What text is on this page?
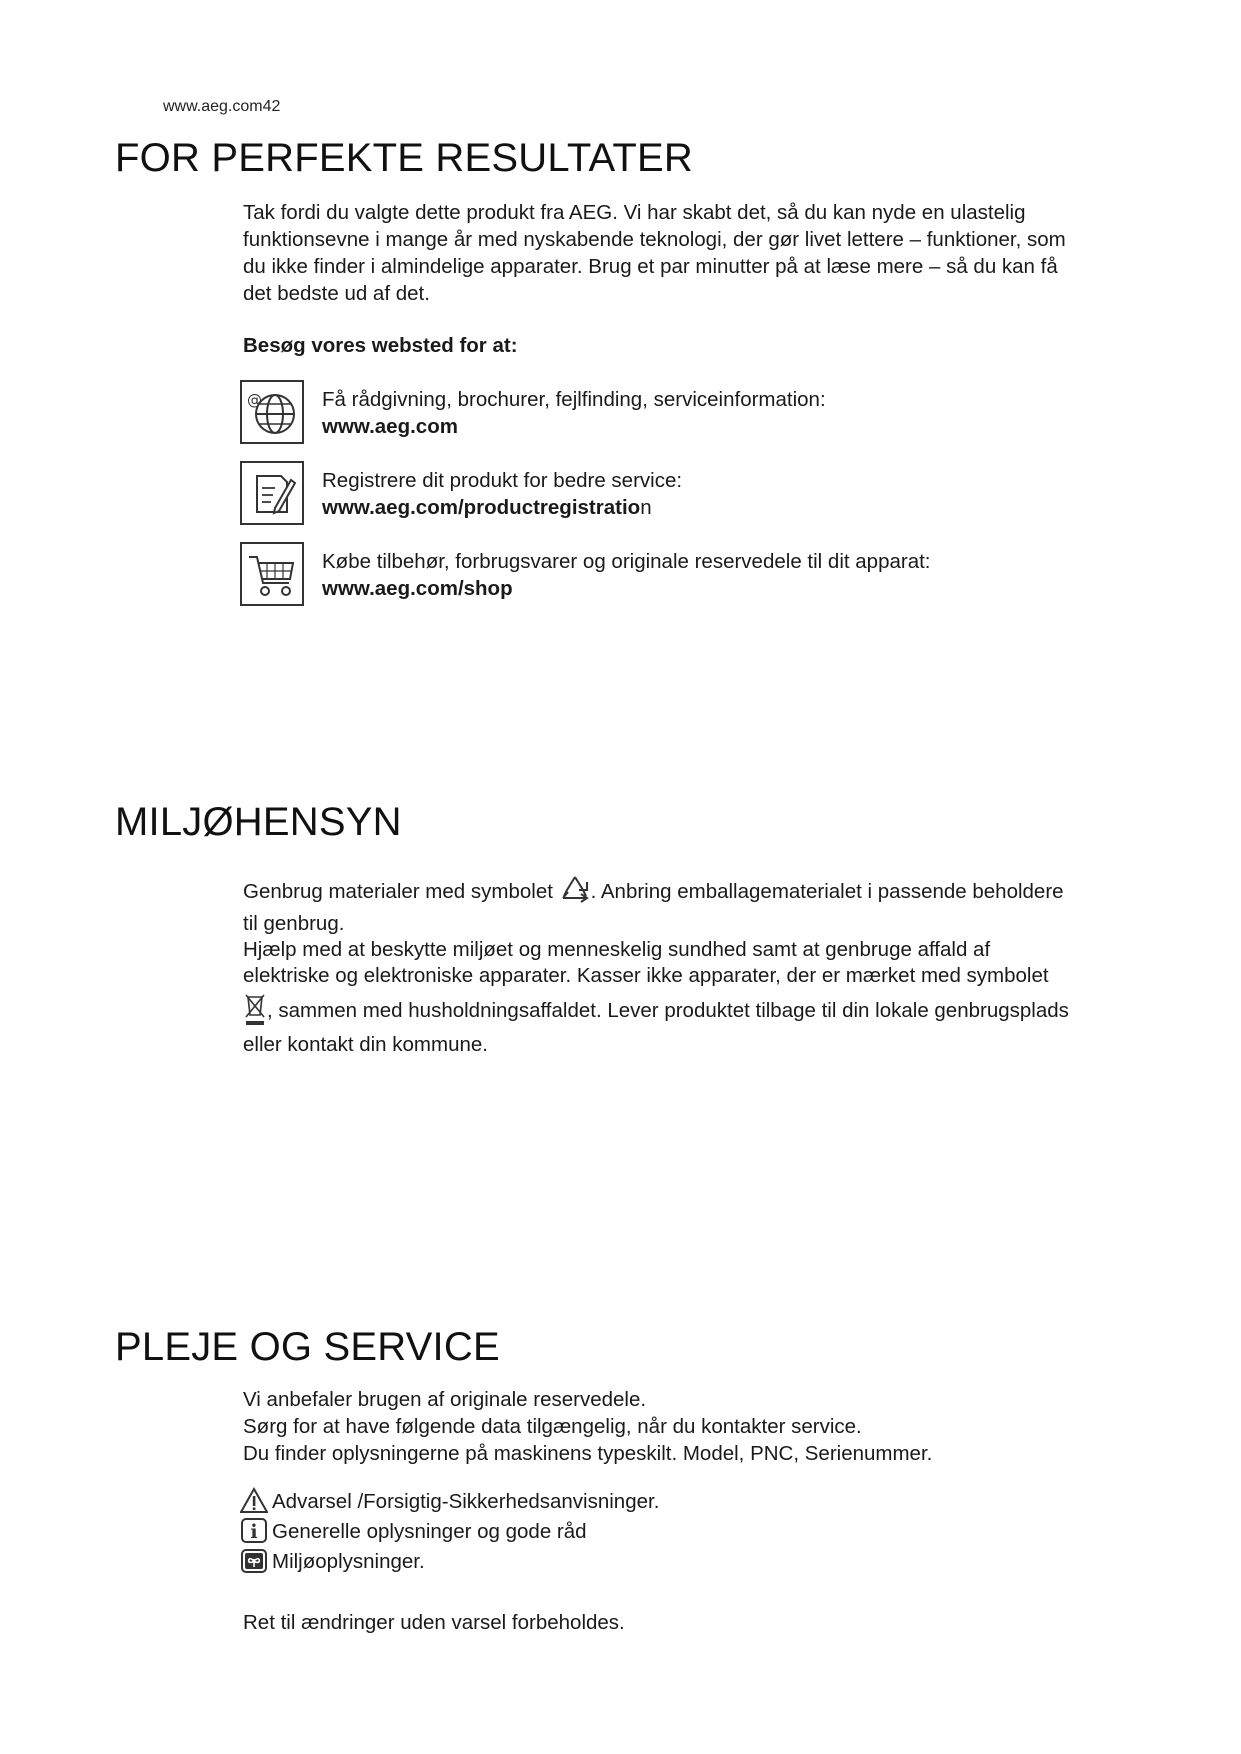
www.aeg.com42
FOR PERFEKTE RESULTATER

Tak fordi du valgte dette produkt fra AEG. Vi har skabt det, så du kan nyde en ulastelig

funktionsevne i mange år med nyskabende teknologi, der gør livet lettere – funktioner, som

du ikke finder i almindelige apparater. Brug et par minutter på at læse mere – så du kan få

det bedste ud af det.

Besøg vores websted for at:
@	Få rådgivning, brochurer, fejlfinding, serviceinformation:
www.aeg.com
Registrere dit produkt for bedre service:
www.aeg.com/productregistration
Købe tilbehør, forbrugsvarer og originale reservedele til dit apparat:
www.aeg.com/shop
MILJØHENSYN

Genbrug materialer med symbolet . Anbring emballagematerialet i passende beholdere

til genbrug.

Hjælp med at beskytte miljøet og menneskelig sundhed samt at genbruge affald af

elektriske og elektroniske apparater. Kasser ikke apparater, der er mærket med symbolet

, sammen med husholdningsaffaldet. Lever produktet tilbage til din lokale genbrugsplads

eller kontakt din kommune.

PLEJE OG SERVICE

Vi anbefaler brugen af originale reservedele.

Sørg for at have følgende data tilgængelig, når du kontakter service.

Du finder oplysningerne på maskinens typeskilt. Model, PNC, Serienummer.

Advarsel /Forsigtig-Sikkerhedsanvisninger.
i Generelle oplysninger og gode råd
Miljøoplysninger.
Ret til ændringer uden varsel forbeholdes.
